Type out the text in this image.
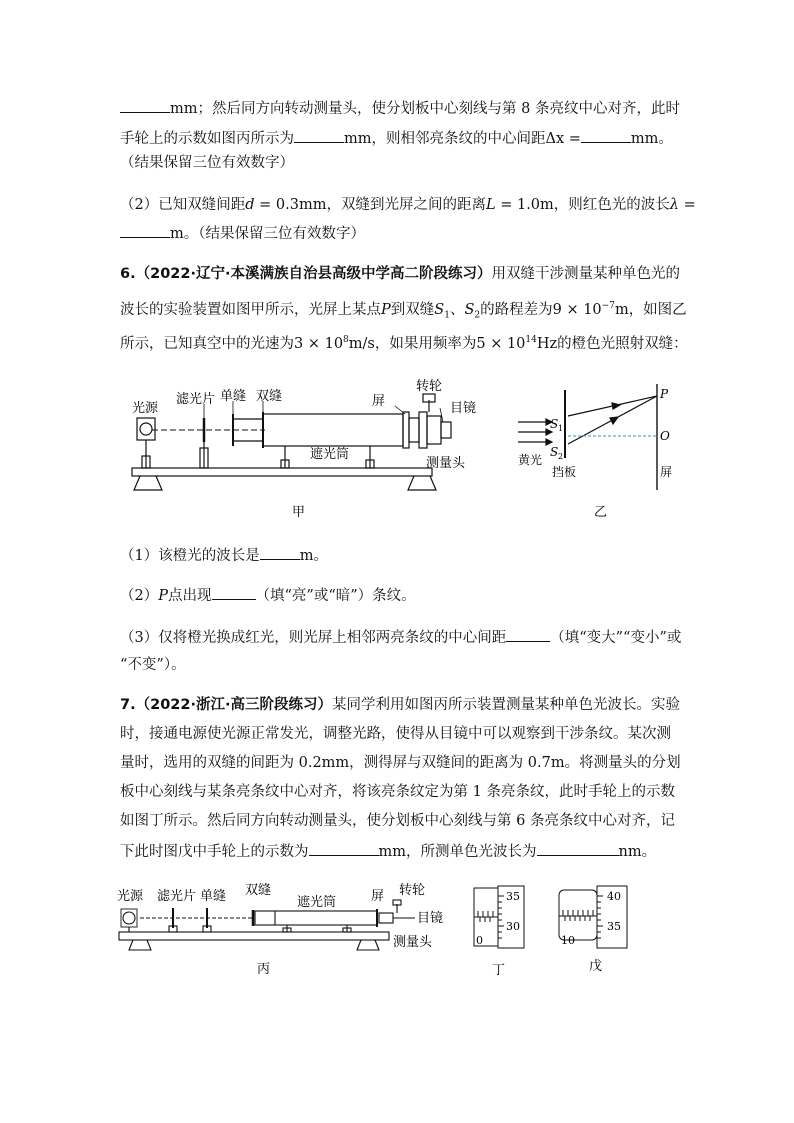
mm；然后同方向转动测量头，使分划板中心刻线与第 8 条亮纹中心对齐，此时
手轮上的示数如图丙所示为	mm，则相邻亮条纹的中心间距Δx =	mm。
（结果保留三位有效数字）
（2）已知双缝间距d = 0.3mm，双缝到光屏之间的距离L = 1.0m，则红色光的波长λ =
m。（结果保留三位有效数字）
6.（2022·辽宁·本溪满族自治县高级中学高二阶段练习）用双缝干涉测量某种单色光的
波长的实验装置如图甲所示，光屏上某点P到双缝$S_1$、$S_2$的路程差为$9 \times 10^{-7}m$，如图乙
所示，已知真空中的光速为$3 \times 10^8m/s$，如果用频率为$5 \times 10^{14}Hz$的橙色光照射双缝：
光源
滤光片 单缝 双缝	屏
转轮
目镜
遮光筒
测量头
甲
P
O
S 1
S 2
黄光
挡板	屏
乙
（1）该橙光的波长是	m。
（2）P点出现	（填“亮”或“暗”）条纹。
（3）仅将橙光换成红光，则光屏上相邻两亮条纹的中心间距	（填“变大”“变小”或
“不变”）。
7.（2022·浙江·高三阶段练习）某同学利用如图丙所示装置测量某种单色光波长。实验
时，接通电源使光源正常发光，调整光路，使得从目镜中可以观察到干涉条纹。某次测
量时，选用的双缝的间距为 0.2mm，测得屏与双缝间的距离为 0.7m。将测量头的分划
板中心刻线与某条亮条纹中心对齐，将该亮条纹定为第 1 条亮条纹，此时手轮上的示数
如图丁所示。然后同方向转动测量头，使分划板中心刻线与第 6 条亮条纹中心对齐，记
下此时图戊中手轮上的示数为	mm，所测单色光波长为	nm。
光源 滤光片 单缝 双缝
遮光筒	屏 转轮
目镜
测量头
丙
35
30
0
丁
40
35
10
戊
